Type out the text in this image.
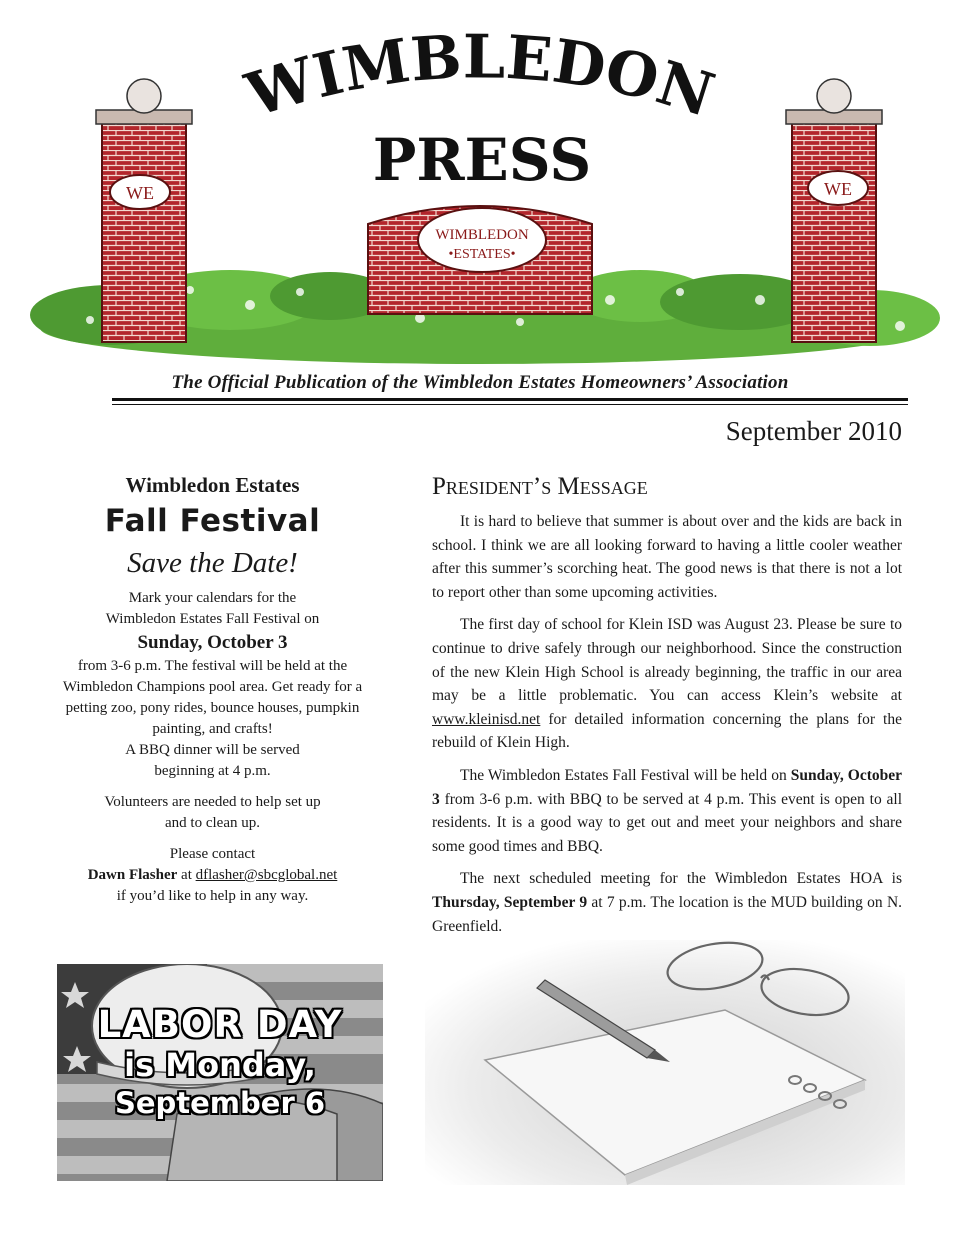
WE	WE
WIMBLEDON
•ESTATES•
WIMBLEDON
PRESS
The Official Publication of the Wimbledon Estates Homeowners’ Association
September 2010
Wimbledon Estates
Fall Festival
Save the Date!
Mark your calendars for the
Wimbledon Estates Fall Festival on
Sunday, October 3
from 3-6 p.m. The festival will be held at the Wimbledon Champions pool area. Get ready for a petting zoo, pony rides, bounce houses, pumpkin painting, and crafts!
A BBQ dinner will be served
beginning at 4 p.m.
Volunteers are needed to help set up
and to clean up.
Please contact
Dawn Flasher at dflasher@sbcglobal.net
if you’d like to help in any way.
LABOR DAY
is Monday,
September 6
President’s Message

It is hard to believe that summer is about over and the kids are back in school. I think we are all looking forward to having a little cooler weather after this summer’s scorching heat. The good news is that there is not a lot to report other than some upcoming activities.

The first day of school for Klein ISD was August 23. Please be sure to continue to drive safely through our neighborhood. Since the construction of the new Klein High School is already beginning, the traffic in our area may be a little problematic. You can access Klein’s website at www.kleinisd.net for detailed information concerning the plans for the rebuild of Klein High.

The Wimbledon Estates Fall Festival will be held on Sunday, October 3 from 3-6 p.m. with BBQ to be served at 4 p.m. This event is open to all residents. It is a good way to get out and meet your neighbors and share some good times and BBQ.

The next scheduled meeting for the Wimbledon Estates HOA is Thursday, September 9 at 7 p.m. The location is the MUD building on N. Greenfield.
